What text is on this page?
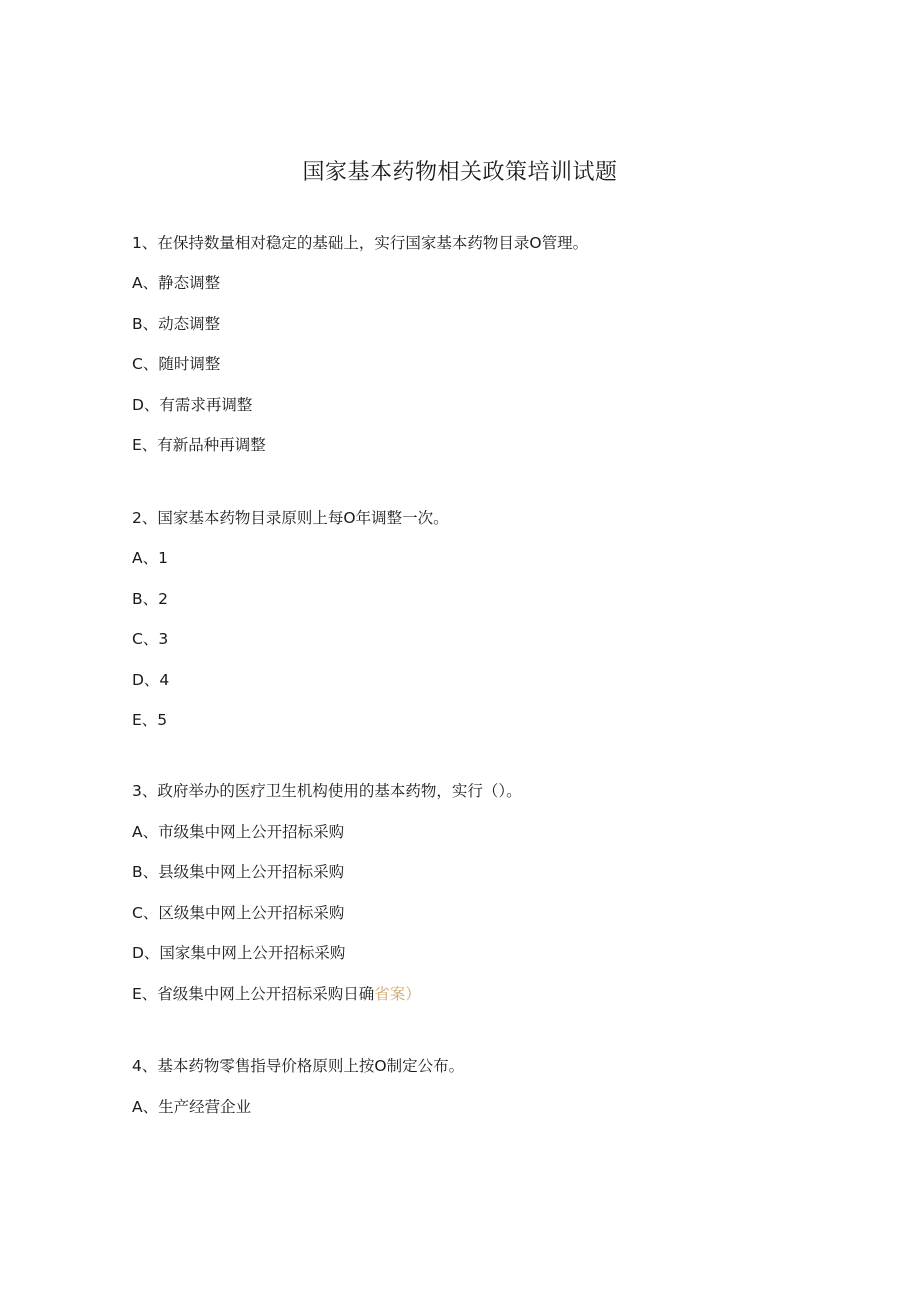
国家基本药物相关政策培训试题
1、在保持数量相对稳定的基础上，实行国家基本药物目录O管理。
A、静态调整
B、动态调整
C、随时调整
D、有需求再调整
E、有新品种再调整
2、国家基本药物目录原则上每O年调整一次。
A、1
B、2
C、3
D、4
E、5
3、政府举办的医疗卫生机构使用的基本药物，实行（）。
A、市级集中网上公开招标采购
B、县级集中网上公开招标采购
C、区级集中网上公开招标采购
D、国家集中网上公开招标采购
E、省级集中网上公开招标采购日确省案）
4、基本药物零售指导价格原则上按O制定公布。
A、生产经营企业
